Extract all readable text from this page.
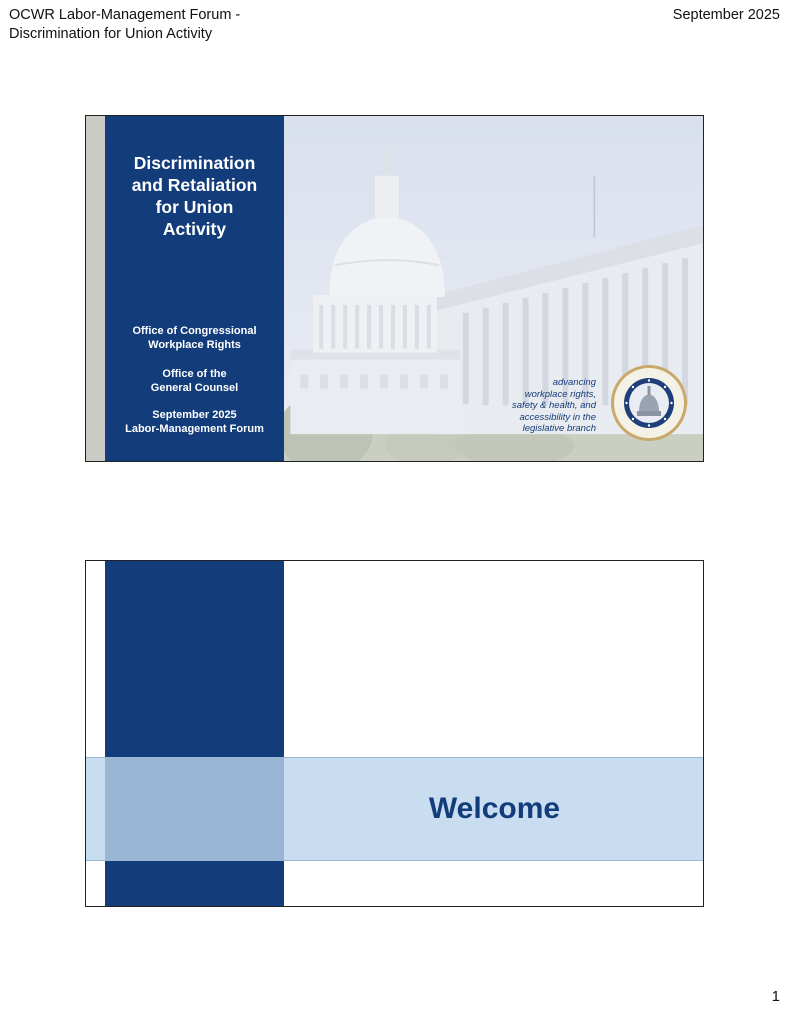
OCWR Labor-Management Forum -
Discrimination for Union Activity
September 2025
Discrimination
and Retaliation
for Union
Activity
Office of Congressional
Workplace Rights
Office of the
General Counsel
September 2025
Labor-Management Forum
advancing
workplace rights,
safety & health, and
accessibility in the
legislative branch
Welcome
1
